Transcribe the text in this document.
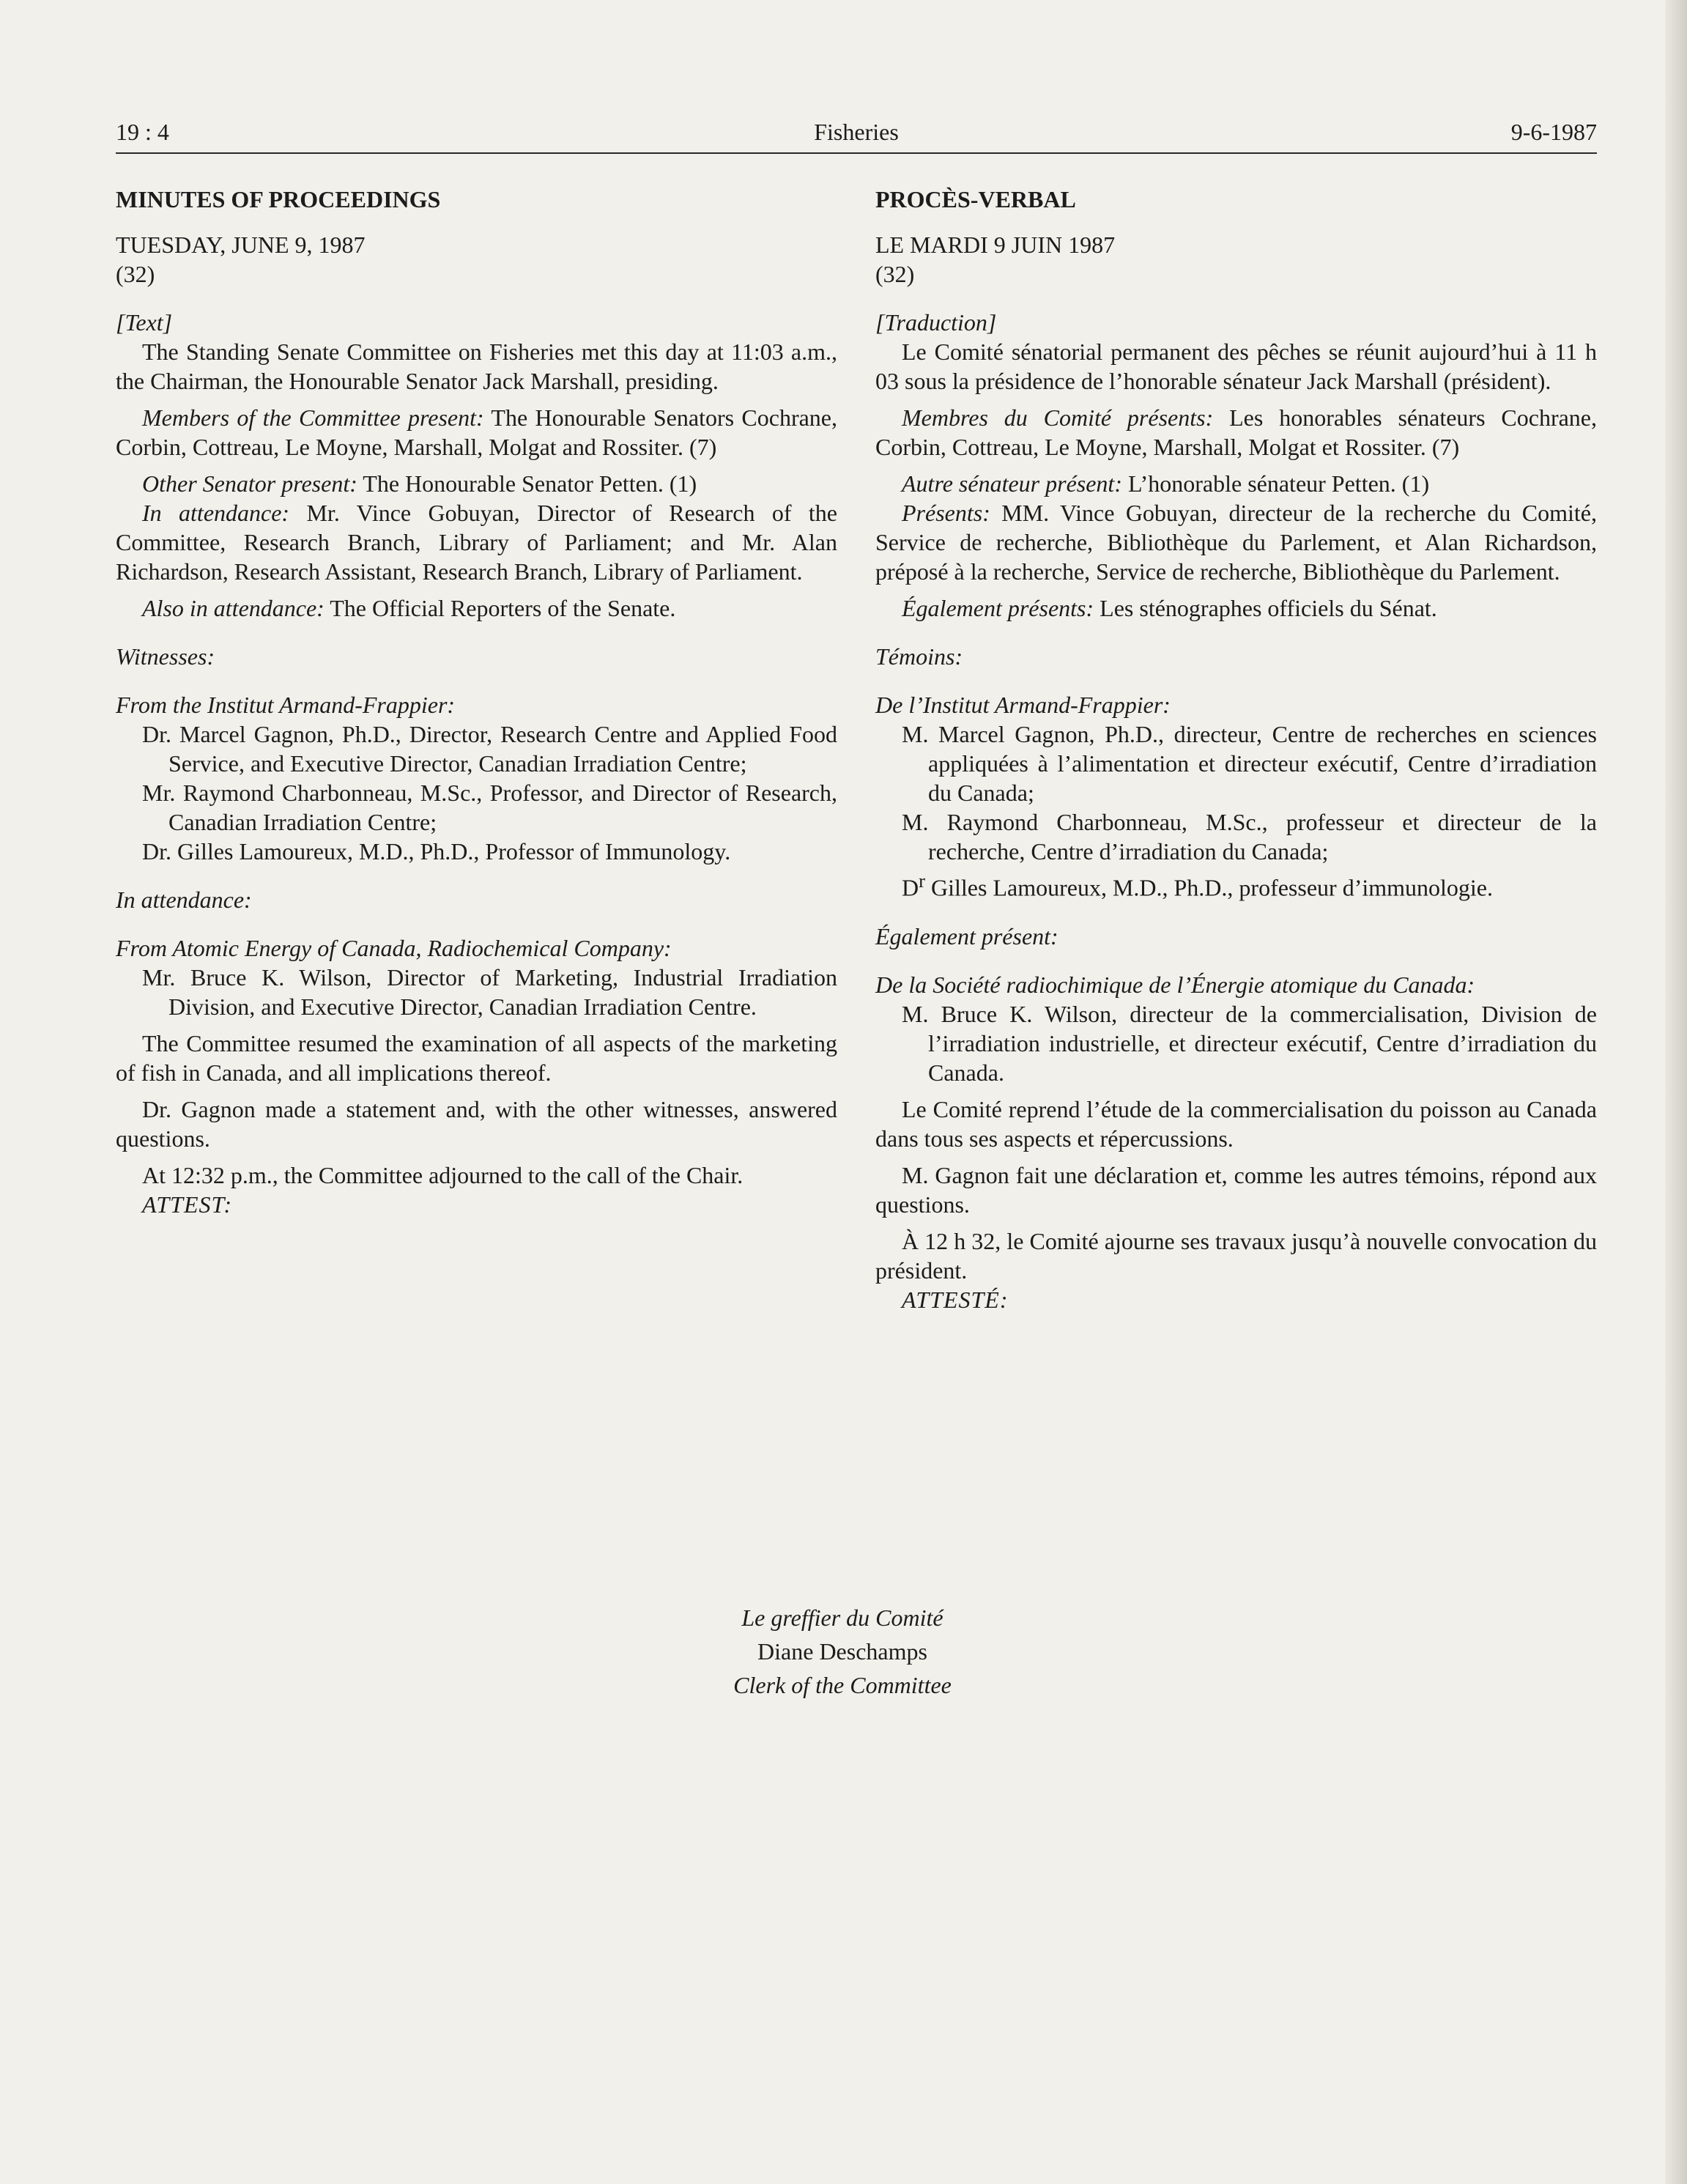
19 : 4	Fisheries	9-6-1987

MINUTES OF PROCEEDINGS

TUESDAY, JUNE 9, 1987

(32)

[Text]

The Standing Senate Committee on Fisheries met this day at 11:03 a.m., the Chairman, the Honourable Senator Jack Marshall, presiding.

Members of the Committee present: The Honourable Senators Cochrane, Corbin, Cottreau, Le Moyne, Marshall, Molgat and Rossiter. (7)

Other Senator present: The Honourable Senator Petten. (1)

In attendance: Mr. Vince Gobuyan, Director of Research of the Committee, Research Branch, Library of Parliament; and Mr. Alan Richardson, Research Assistant, Research Branch, Library of Parliament.

Also in attendance: The Official Reporters of the Senate.

Witnesses:

From the Institut Armand-Frappier:

Dr. Marcel Gagnon, Ph.D., Director, Research Centre and Applied Food Service, and Executive Director, Canadian Irradiation Centre;

Mr. Raymond Charbonneau, M.Sc., Professor, and Director of Research, Canadian Irradiation Centre;

Dr. Gilles Lamoureux, M.D., Ph.D., Professor of Immunology.

In attendance:

From Atomic Energy of Canada, Radiochemical Company:

Mr. Bruce K. Wilson, Director of Marketing, Industrial Irradiation Division, and Executive Director, Canadian Irradiation Centre.

The Committee resumed the examination of all aspects of the marketing of fish in Canada, and all implications thereof.

Dr. Gagnon made a statement and, with the other witnesses, answered questions.

At 12:32 p.m., the Committee adjourned to the call of the Chair.

ATTEST:

PROCÈS-VERBAL

LE MARDI 9 JUIN 1987

(32)

[Traduction]

Le Comité sénatorial permanent des pêches se réunit aujourd’hui à 11 h 03 sous la présidence de l’honorable sénateur Jack Marshall (président).

Membres du Comité présents: Les honorables sénateurs Cochrane, Corbin, Cottreau, Le Moyne, Marshall, Molgat et Rossiter. (7)

Autre sénateur présent: L’honorable sénateur Petten. (1)

Présents: MM. Vince Gobuyan, directeur de la recherche du Comité, Service de recherche, Bibliothèque du Parlement, et Alan Richardson, préposé à la recherche, Service de recherche, Bibliothèque du Parlement.

Également présents: Les sténographes officiels du Sénat.

Témoins:

De l’Institut Armand-Frappier:

M. Marcel Gagnon, Ph.D., directeur, Centre de recherches en sciences appliquées à l’alimentation et directeur exécutif, Centre d’irradiation du Canada;

M. Raymond Charbonneau, M.Sc., professeur et directeur de la recherche, Centre d’irradiation du Canada;

$D^r$ Gilles Lamoureux, M.D., Ph.D., professeur d’immunologie.

Également présent:

De la Société radiochimique de l’Énergie atomique du Canada:

M. Bruce K. Wilson, directeur de la commercialisation, Division de l’irradiation industrielle, et directeur exécutif, Centre d’irradiation du Canada.

Le Comité reprend l’étude de la commercialisation du poisson au Canada dans tous ses aspects et répercussions.

M. Gagnon fait une déclaration et, comme les autres témoins, répond aux questions.

À 12 h 32, le Comité ajourne ses travaux jusqu’à nouvelle convocation du président.

ATTESTÉ:

Le greffier du Comité
Diane Deschamps
Clerk of the Committee
